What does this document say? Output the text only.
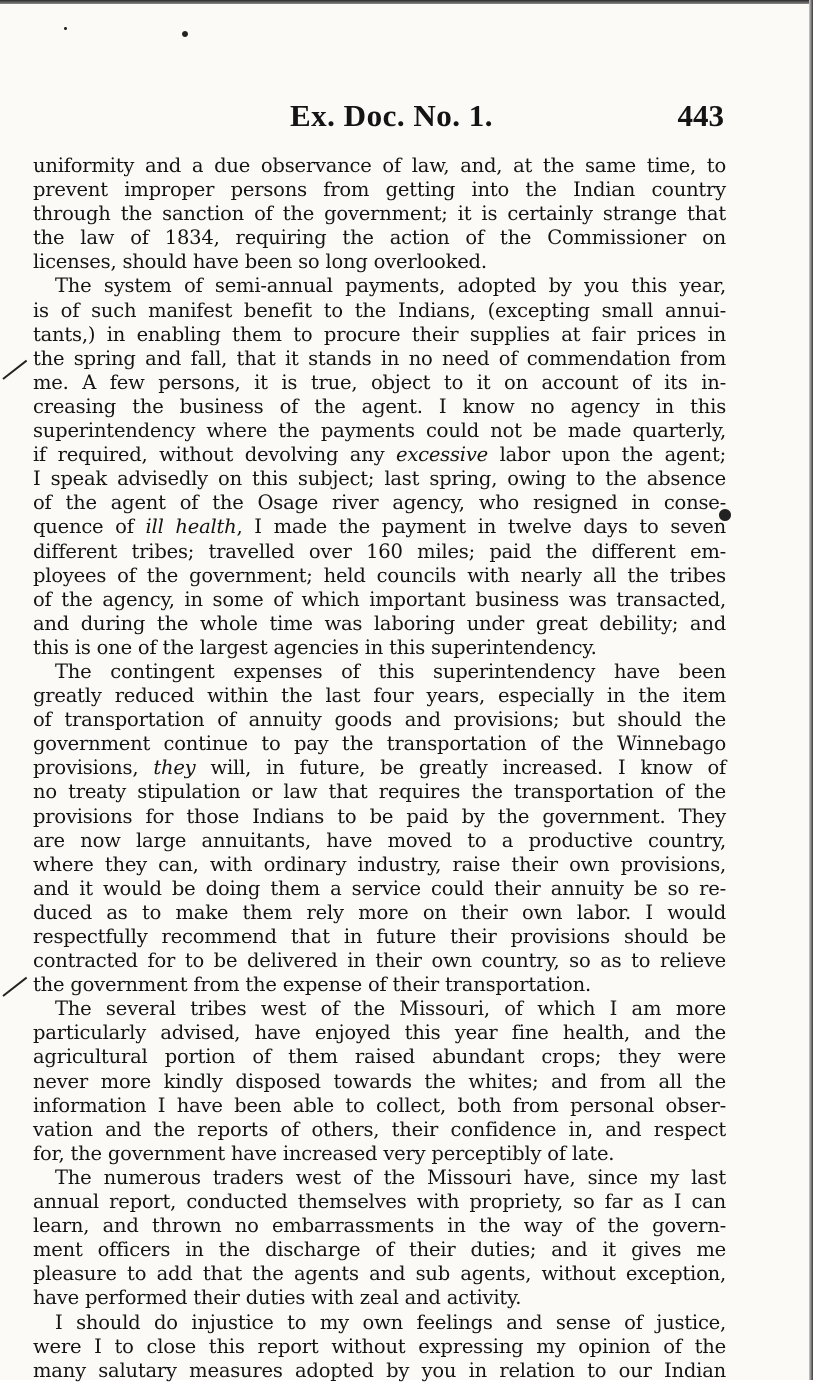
Ex. Doc. No. 1.	443
uniformity and a due observance of law, and, at the same time, to
prevent improper persons from getting into the Indian country
through the sanction of the government; it is certainly strange that
the law of 1834, requiring the action of the Commissioner on
licenses, should have been so long overlooked.
The system of semi-annual payments, adopted by you this year,
is of such manifest benefit to the Indians, (excepting small annui-
tants,) in enabling them to procure their supplies at fair prices in
the spring and fall, that it stands in no need of commendation from
me. A few persons, it is true, object to it on account of its in-
creasing the business of the agent. I know no agency in this
superintendency where the payments could not be made quarterly,
if required, without devolving any excessive labor upon the agent;
I speak advisedly on this subject; last spring, owing to the absence
of the agent of the Osage river agency, who resigned in conse-
quence of ill health, I made the payment in twelve days to seven
different tribes; travelled over 160 miles; paid the different em-
ployees of the government; held councils with nearly all the tribes
of the agency, in some of which important business was transacted,
and during the whole time was laboring under great debility; and
this is one of the largest agencies in this superintendency.
The contingent expenses of this superintendency have been
greatly reduced within the last four years, especially in the item
of transportation of annuity goods and provisions; but should the
government continue to pay the transportation of the Winnebago
provisions, they will, in future, be greatly increased. I know of
no treaty stipulation or law that requires the transportation of the
provisions for those Indians to be paid by the government. They
are now large annuitants, have moved to a productive country,
where they can, with ordinary industry, raise their own provisions,
and it would be doing them a service could their annuity be so re-
duced as to make them rely more on their own labor. I would
respectfully recommend that in future their provisions should be
contracted for to be delivered in their own country, so as to relieve
the government from the expense of their transportation.
The several tribes west of the Missouri, of which I am more
particularly advised, have enjoyed this year fine health, and the
agricultural portion of them raised abundant crops; they were
never more kindly disposed towards the whites; and from all the
information I have been able to collect, both from personal obser-
vation and the reports of others, their confidence in, and respect
for, the government have increased very perceptibly of late.
The numerous traders west of the Missouri have, since my last
annual report, conducted themselves with propriety, so far as I can
learn, and thrown no embarrassments in the way of the govern-
ment officers in the discharge of their duties; and it gives me
pleasure to add that the agents and sub agents, without exception,
have performed their duties with zeal and activity.
I should do injustice to my own feelings and sense of justice,
were I to close this report without expressing my opinion of the
many salutary measures adopted by you in relation to our Indian
